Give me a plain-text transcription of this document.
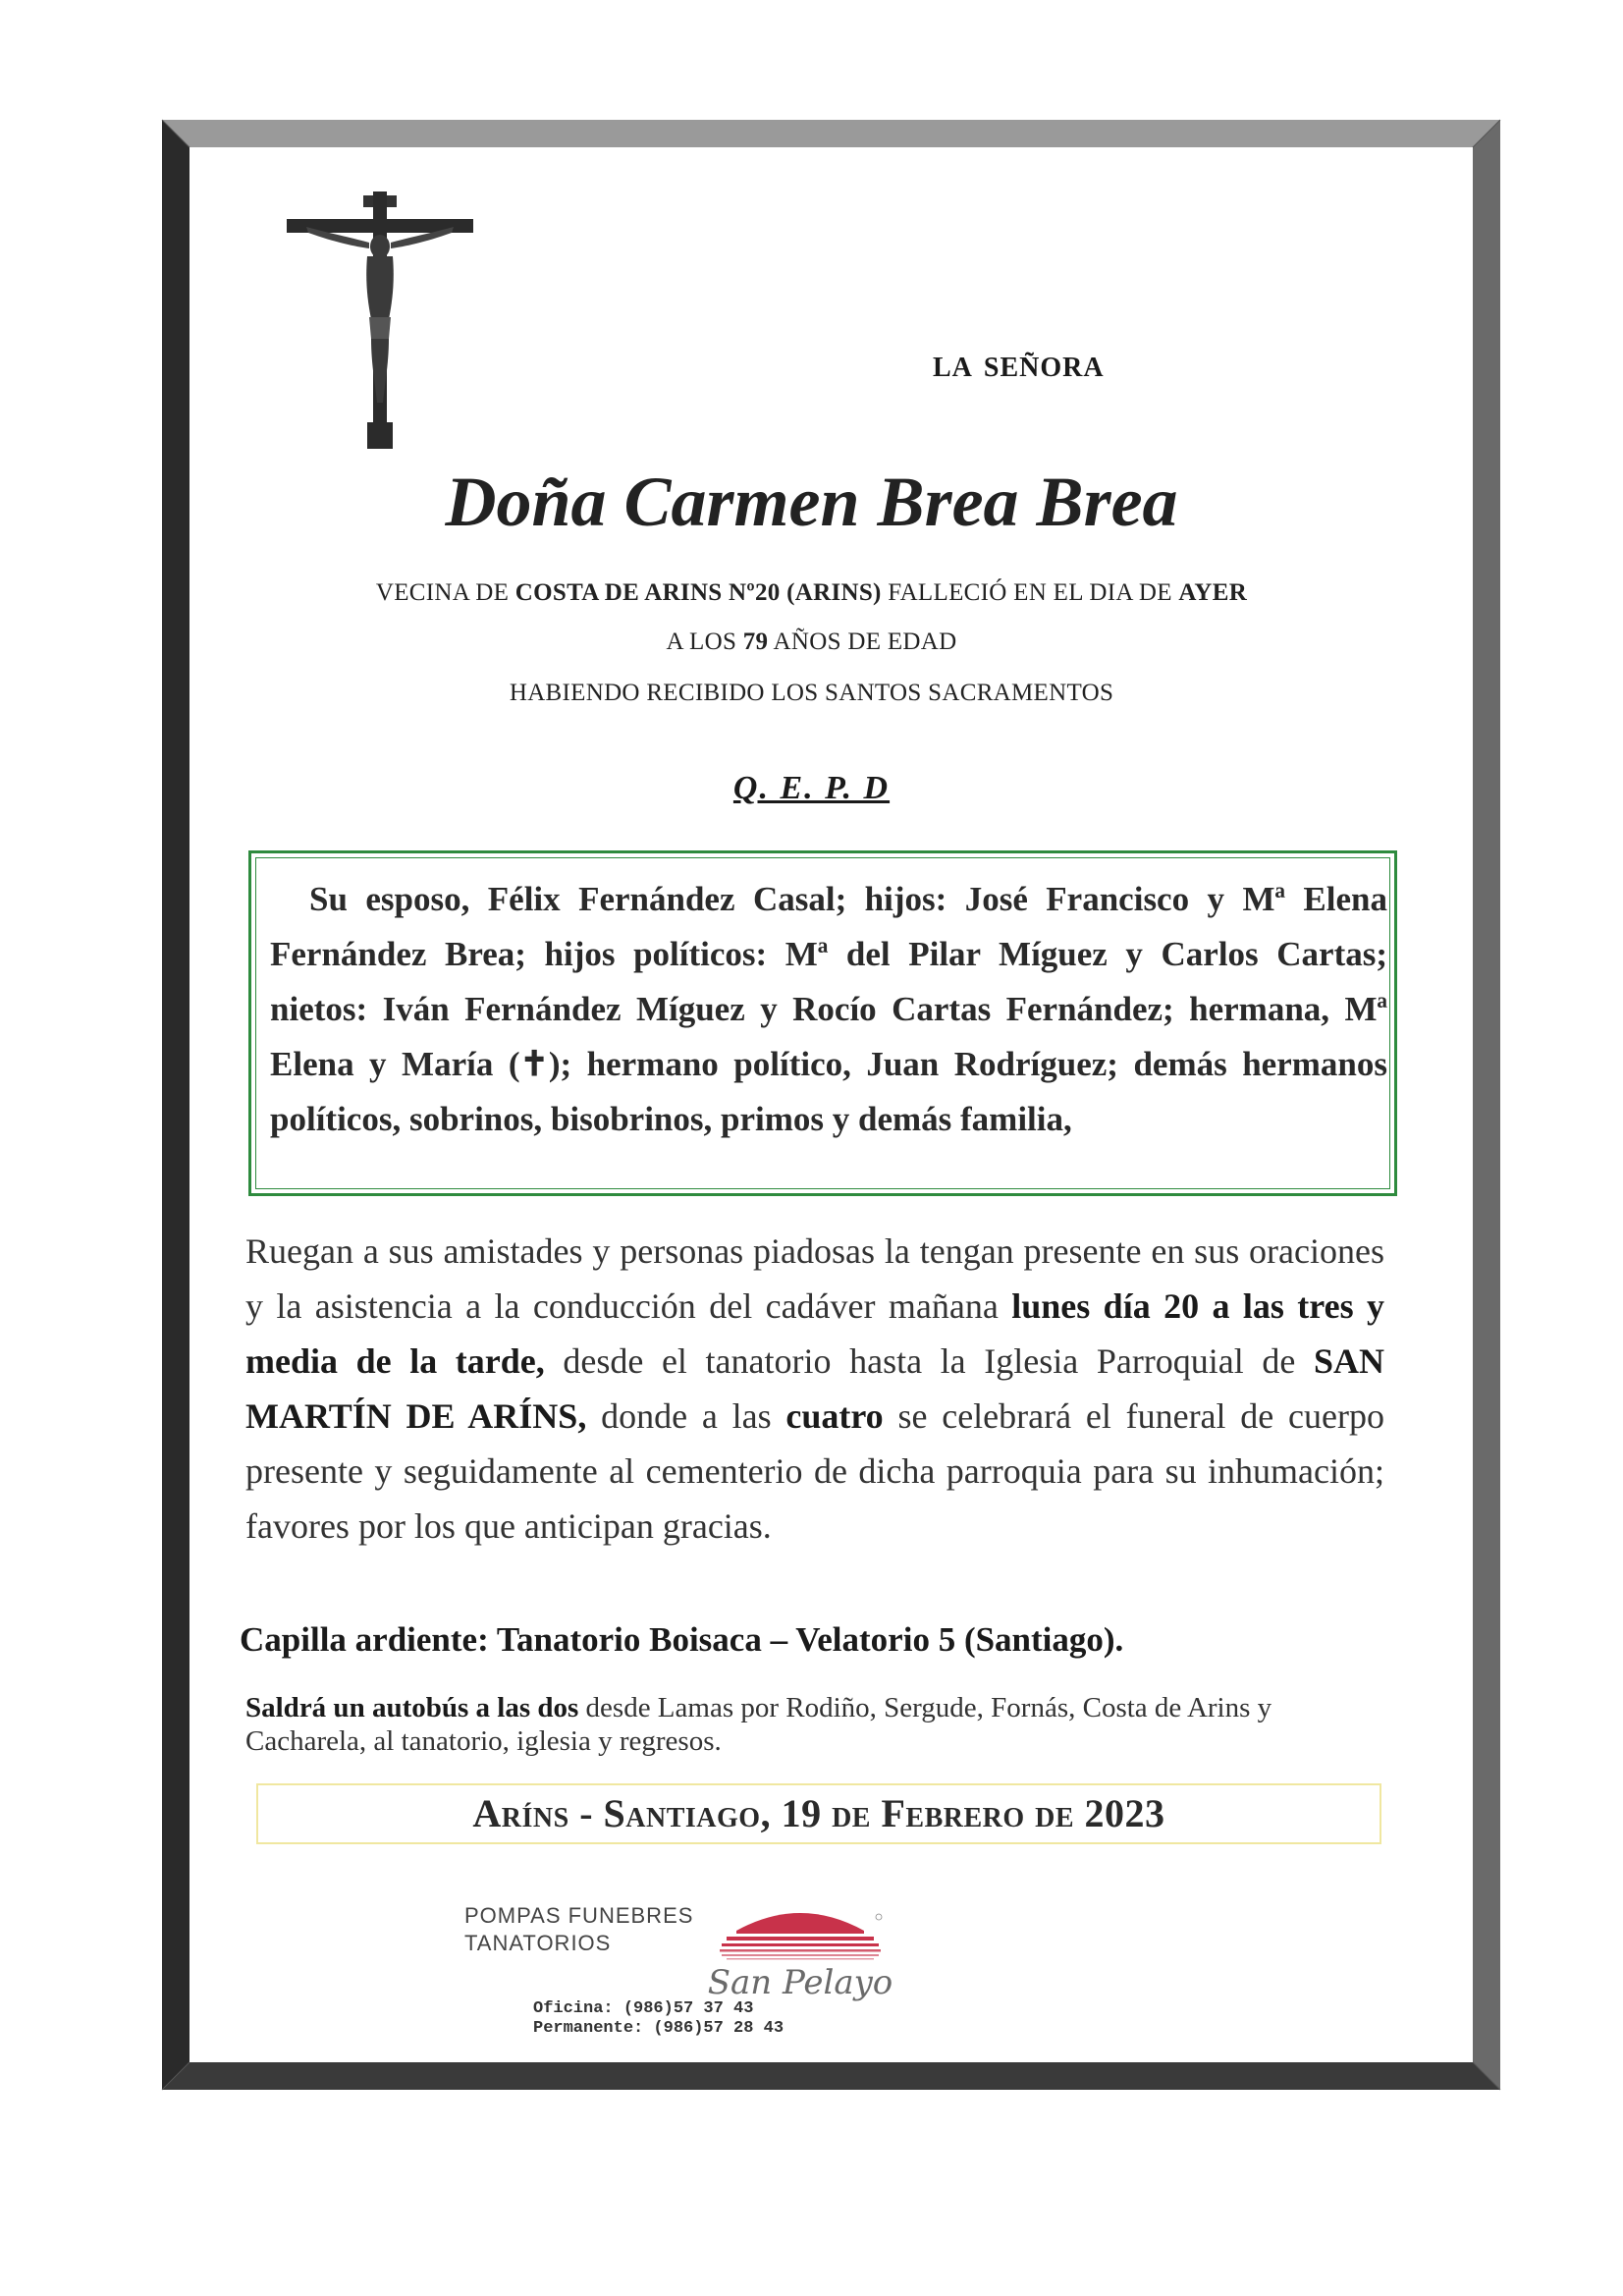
la señora
Doña Carmen Brea Brea
VECINA DE COSTA DE ARINS Nº20 (ARINS) FALLECIÓ EN EL DIA DE AYER
A LOS 79 AÑOS DE EDAD
HABIENDO RECIBIDO LOS SANTOS SACRAMENTOS
Q. E. P. D

Su esposo, Félix Fernández Casal; hijos: José Francisco y Mª Elena Fernández Brea; hijos políticos: Mª del Pilar Míguez y Carlos Cartas; nietos: Iván Fernández Míguez y Rocío Cartas Fernández; hermana, Mª Elena y María (✝); hermano político, Juan Rodríguez; demás hermanos políticos, sobrinos, bisobrinos, primos y demás familia,

Ruegan a sus amistades y personas piadosas la tengan presente en sus oraciones y la asistencia a la conducción del cadáver mañana lunes día 20 a las tres y media de la tarde, desde el tanatorio hasta la Iglesia Parroquial de SAN MARTÍN DE ARÍNS, donde a las cuatro se celebrará el funeral de cuerpo presente y seguidamente al cementerio de dicha parroquia para su inhumación; favores por los que anticipan gracias.

Capilla ardiente: Tanatorio Boisaca – Velatorio 5 (Santiago).

Saldrá un autobús a las dos desde Lamas por Rodiño, Sergude, Fornás, Costa de Arins y Cacharela, al tanatorio, iglesia y regresos.

Aríns - Santiago, 19 de Febrero de 2023
POMPAS FUNEBRES
TANATORIOS
San Pelayo
Oficina: (986)57 37 43
Permanente: (986)57 28 43
